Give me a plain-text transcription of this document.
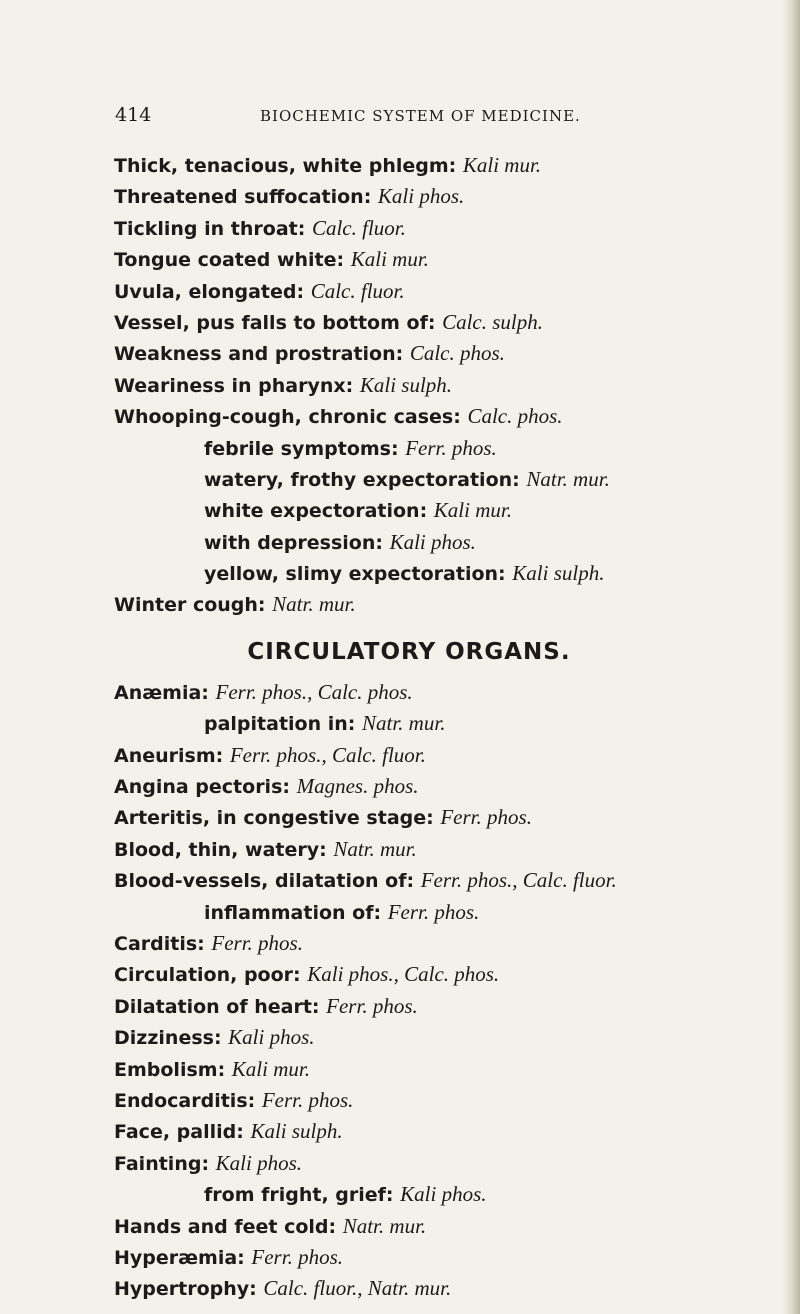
414	BIOCHEMIC SYSTEM OF MEDICINE.
Thick, tenacious, white phlegm: Kali mur.
Threatened suffocation: Kali phos.
Tickling in throat: Calc. fluor.
Tongue coated white: Kali mur.
Uvula, elongated: Calc. fluor.
Vessel, pus falls to bottom of: Calc. sulph.
Weakness and prostration: Calc. phos.
Weariness in pharynx: Kali sulph.
Whooping-cough, chronic cases: Calc. phos.
febrile symptoms: Ferr. phos.
watery, frothy expectoration: Natr. mur.
white expectoration: Kali mur.
with depression: Kali phos.
yellow, slimy expectoration: Kali sulph.
Winter cough: Natr. mur.
CIRCULATORY ORGANS.
Anæmia: Ferr. phos., Calc. phos.
palpitation in: Natr. mur.
Aneurism: Ferr. phos., Calc. fluor.
Angina pectoris: Magnes. phos.
Arteritis, in congestive stage: Ferr. phos.
Blood, thin, watery: Natr. mur.
Blood-vessels, dilatation of: Ferr. phos., Calc. fluor.
inflammation of: Ferr. phos.
Carditis: Ferr. phos.
Circulation, poor: Kali phos., Calc. phos.
Dilatation of heart: Ferr. phos.
Dizziness: Kali phos.
Embolism: Kali mur.
Endocarditis: Ferr. phos.
Face, pallid: Kali sulph.
Fainting: Kali phos.
from fright, grief: Kali phos.
Hands and feet cold: Natr. mur.
Hyperæmia: Ferr. phos.
Hypertrophy: Calc. fluor., Natr. mur.
